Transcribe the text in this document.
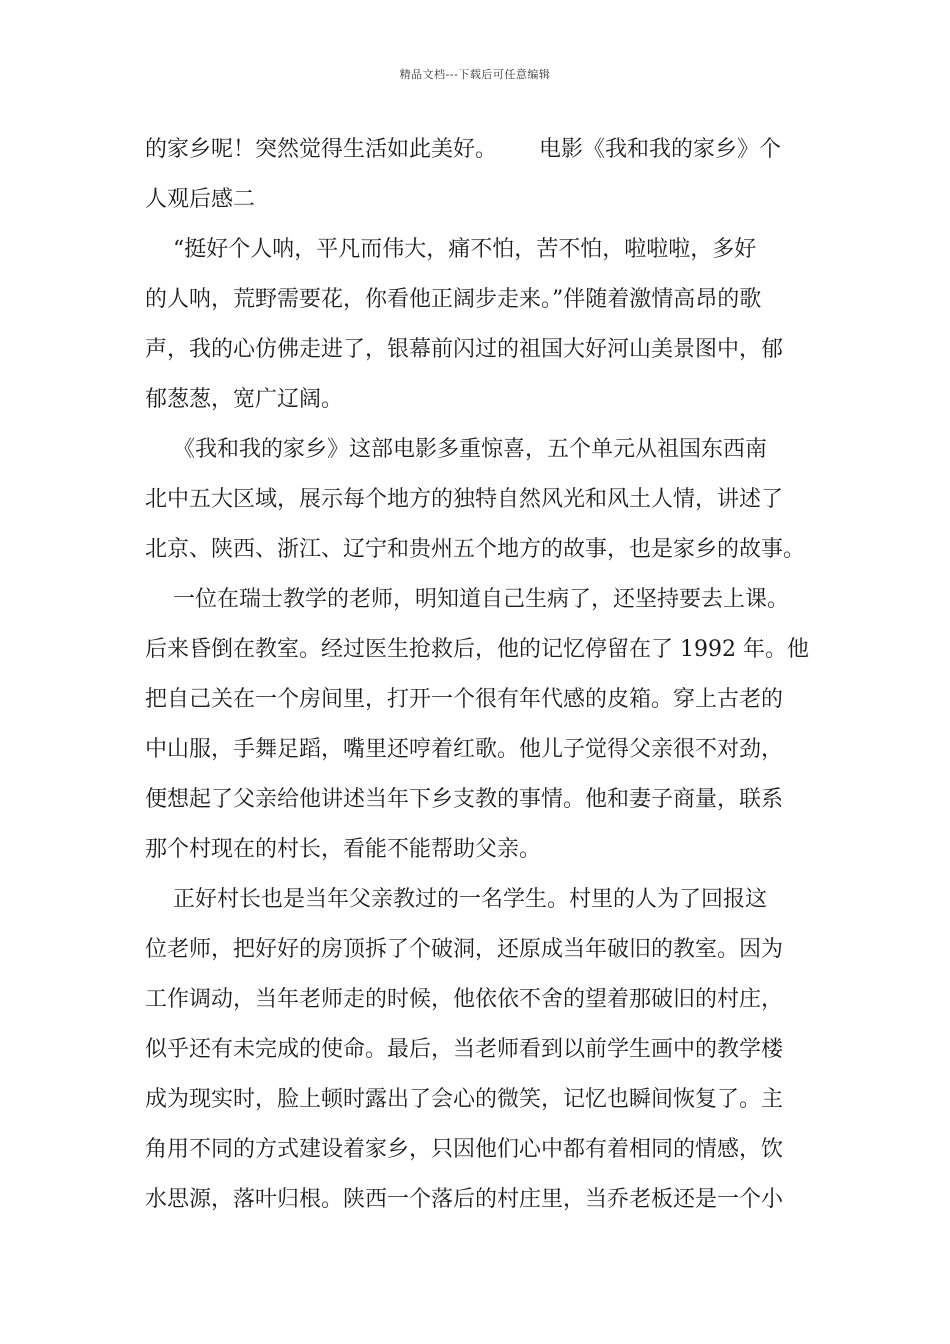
精品文档---下载后可任意编辑
的家乡呢！突然觉得生活如此美好。      电影《我和我的家乡》个
人观后感二
“挺好个人呐，平凡而伟大，痛不怕，苦不怕，啦啦啦，多好
的人呐，荒野需要花，你看他正阔步走来。”伴随着激情高昂的歌
声，我的心仿佛走进了，银幕前闪过的祖国大好河山美景图中，郁
郁葱葱，宽广辽阔。
《我和我的家乡》这部电影多重惊喜，五个单元从祖国东西南
北中五大区域，展示每个地方的独特自然风光和风土人情，讲述了
北京、陕西、浙江、辽宁和贵州五个地方的故事，也是家乡的故事。
一位在瑞士教学的老师，明知道自己生病了，还坚持要去上课。
后来昏倒在教室。经过医生抢救后，他的记忆停留在了 1992 年。他
把自己关在一个房间里，打开一个很有年代感的皮箱。穿上古老的
中山服，手舞足蹈，嘴里还哼着红歌。他儿子觉得父亲很不对劲，
便想起了父亲给他讲述当年下乡支教的事情。他和妻子商量，联系
那个村现在的村长，看能不能帮助父亲。
正好村长也是当年父亲教过的一名学生。村里的人为了回报这
位老师，把好好的房顶拆了个破洞，还原成当年破旧的教室。因为
工作调动，当年老师走的时候，他依依不舍的望着那破旧的村庄，
似乎还有未完成的使命。最后，当老师看到以前学生画中的教学楼
成为现实时，脸上顿时露出了会心的微笑，记忆也瞬间恢复了。主
角用不同的方式建设着家乡，只因他们心中都有着相同的情感，饮
水思源，落叶归根。陕西一个落后的村庄里，当乔老板还是一个小
